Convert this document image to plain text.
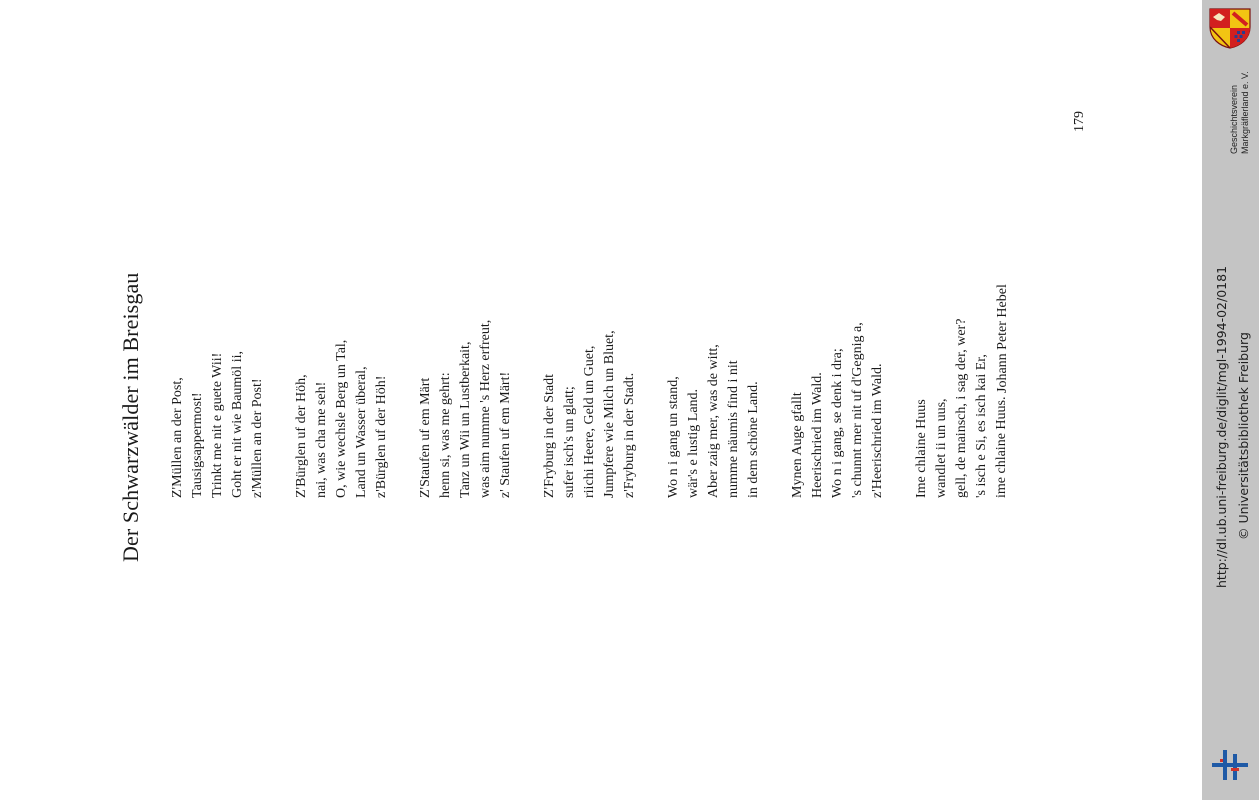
Der Schwarzwälder im Breisgau Z'Müllen an der Post, Tausigsappermost! Trinkt me nit e guete Wii! Goht er nit wie Baumöl ii, z'Müllen an der Post! Z'Bürglen uf der Höh, nai, was cha me seh! O, wie wechsle Berg un Tal, Land un Wasser überal, z'Bürglen uf der Höh! Z'Staufen uf em Märt henn si, was me gehrt: Tanz un Wii un Lustberkait, was aim numme 's Herz erfreut, z' Staufen uf em Märt! Z'Fryburg in der Stadt sufer isch's un glatt; riichi Heere, Geld un Guet, Jumpfere wie Milch un Bluet, z'Fryburg in der Stadt. Wo n i gang un stand, wär's e lustig Land. Aber zaig mer, was de witt, numme näumis find i nit in dem schöne Land. Mynen Auge gfallt Heerischried im Wald. Wo n i gang, se denk i dra; 's chunnt mer nit uf d'Gegnig a, z'Heerischried im Wald. Ime chlaine Huus wandlet ii un uus, gell, de mainsch, i sag der, wer? 's isch e Si, es isch kai Er, ime chlaine Huus.
Johann Peter Hebel
179
http://dl.ub.uni-freiburg.de/diglit/mgl-1994-02/0181 © Universitätsbibliothek Freiburg
Geschichtsverein Markgräflerland e. V.
